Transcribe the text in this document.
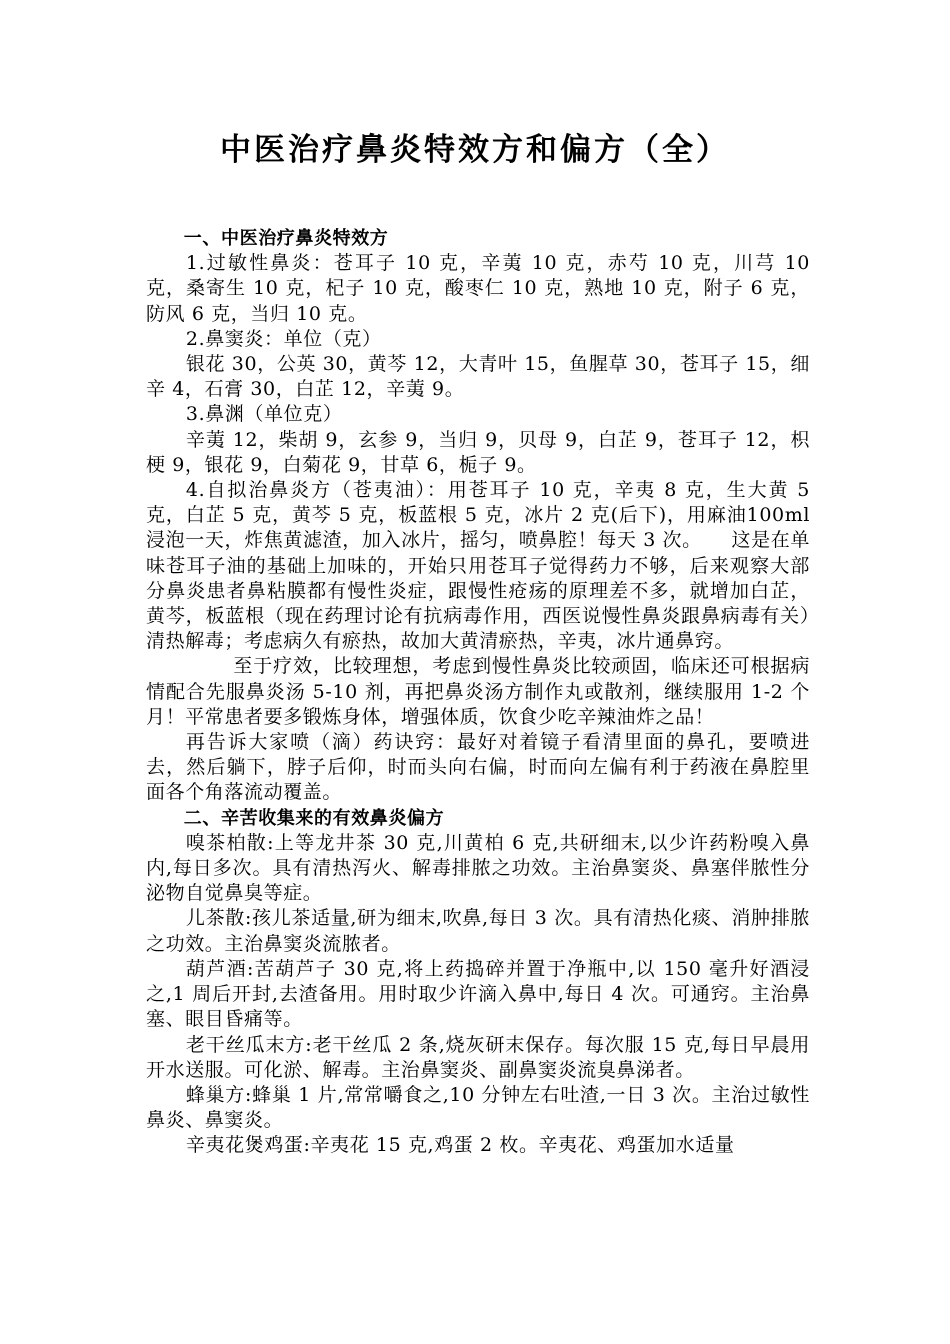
中医治疗鼻炎特效方和偏方（全）

一、中医治疗鼻炎特效方

1.过敏性鼻炎：苍耳子 10 克，辛荑 10 克，赤芍 10 克，川芎 10 克，桑寄生 10 克，杞子 10 克，酸枣仁 10 克，熟地 10 克，附子 6 克，防风 6 克，当归 10 克。

2.鼻窦炎：单位（克）

银花 30，公英 30，黄芩 12，大青叶 15，鱼腥草 30，苍耳子 15，细辛 4，石膏 30，白芷 12，辛荑 9。

3.鼻渊（单位克）

辛荑 12，柴胡 9，玄参 9，当归 9，贝母 9，白芷 9，苍耳子 12，枳梗 9，银花 9，白菊花 9，甘草 6，栀子 9。

4.自拟治鼻炎方（苍夷油）：用苍耳子 10 克，辛夷 8 克，生大黄 5 克，白芷 5 克，黄芩 5 克，板蓝根 5 克，冰片 2 克(后下)，用麻油100ml 浸泡一天，炸焦黄滤渣，加入冰片，摇匀，喷鼻腔！每天 3 次。　　这是在单味苍耳子油的基础上加味的，开始只用苍耳子觉得药力不够，后来观察大部分鼻炎患者鼻粘膜都有慢性炎症，跟慢性疮疡的原理差不多，就增加白芷，黄芩，板蓝根（现在药理讨论有抗病毒作用，西医说慢性鼻炎跟鼻病毒有关）清热解毒；考虑病久有瘀热，故加大黄清瘀热，辛夷，冰片通鼻窍。

至于疗效，比较理想，考虑到慢性鼻炎比较顽固，临床还可根据病情配合先服鼻炎汤 5-10 剂，再把鼻炎汤方制作丸或散剂，继续服用 1-2 个月！平常患者要多锻炼身体，增强体质，饮食少吃辛辣油炸之品！

再告诉大家喷（滴）药诀窍：最好对着镜子看清里面的鼻孔，要喷进去，然后躺下，脖子后仰，时而头向右偏，时而向左偏有利于药液在鼻腔里面各个角落流动覆盖。

二、辛苦收集来的有效鼻炎偏方

嗅茶柏散:上等龙井茶 30 克,川黄柏 6 克,共研细末,以少许药粉嗅入鼻内,每日多次。具有清热泻火、解毒排脓之功效。主治鼻窦炎、鼻塞伴脓性分泌物自觉鼻臭等症。

儿茶散:孩儿茶适量,研为细末,吹鼻,每日 3 次。具有清热化痰、消肿排脓之功效。主治鼻窦炎流脓者。

葫芦酒:苦葫芦子 30 克,将上药捣碎并置于净瓶中,以 150 毫升好酒浸之,1 周后开封,去渣备用。用时取少许滴入鼻中,每日 4 次。可通窍。主治鼻塞、眼目昏痛等。

老干丝瓜末方:老干丝瓜 2 条,烧灰研末保存。每次服 15 克,每日早晨用开水送服。可化淤、解毒。主治鼻窦炎、副鼻窦炎流臭鼻涕者。

蜂巢方:蜂巢 1 片,常常嚼食之,10 分钟左右吐渣,一日 3 次。主治过敏性鼻炎、鼻窦炎。

辛夷花煲鸡蛋:辛夷花 15 克,鸡蛋 2 枚。辛夷花、鸡蛋加水适量
